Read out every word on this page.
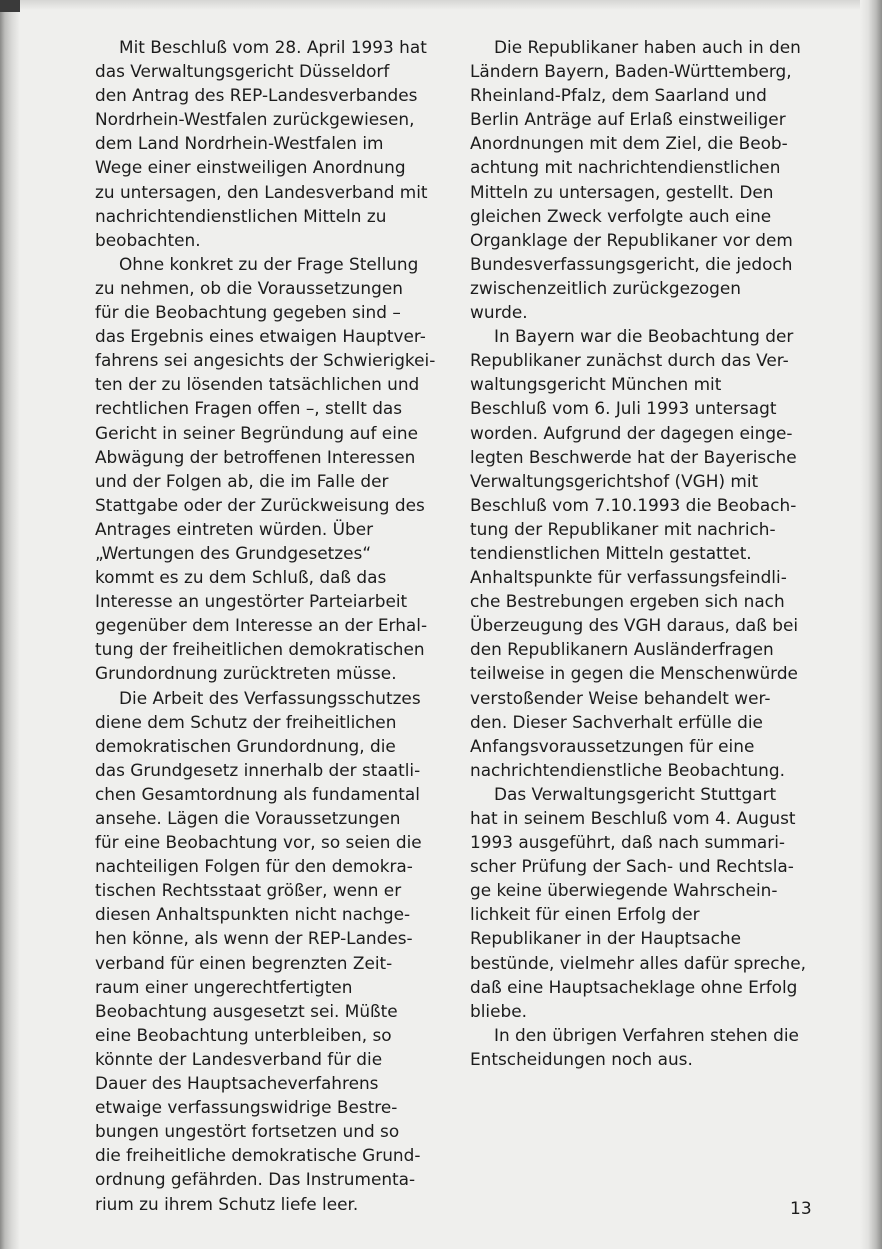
Mit Beschluß vom 28. April 1993 hat
das Verwaltungsgericht Düsseldorf
den Antrag des REP-Landesverbandes
Nordrhein-Westfalen zurückgewiesen,
dem Land Nordrhein-Westfalen im
Wege einer einstweiligen Anordnung
zu untersagen, den Landesverband mit
nachrichtendienstlichen Mitteln zu
beobachten.

Ohne konkret zu der Frage Stellung
zu nehmen, ob die Voraussetzungen
für die Beobachtung gegeben sind –
das Ergebnis eines etwaigen Hauptver-
fahrens sei angesichts der Schwierigkei-
ten der zu lösenden tatsächlichen und
rechtlichen Fragen offen –, stellt das
Gericht in seiner Begründung auf eine
Abwägung der betroffenen Interessen
und der Folgen ab, die im Falle der
Stattgabe oder der Zurückweisung des
Antrages eintreten würden. Über
„Wertungen des Grundgesetzes“
kommt es zu dem Schluß, daß das
Interesse an ungestörter Parteiarbeit
gegenüber dem Interesse an der Erhal-
tung der freiheitlichen demokratischen
Grundordnung zurücktreten müsse.

Die Arbeit des Verfassungsschutzes
diene dem Schutz der freiheitlichen
demokratischen Grundordnung, die
das Grundgesetz innerhalb der staatli-
chen Gesamtordnung als fundamental
ansehe. Lägen die Voraussetzungen
für eine Beobachtung vor, so seien die
nachteiligen Folgen für den demokra-
tischen Rechtsstaat größer, wenn er
diesen Anhaltspunkten nicht nachge-
hen könne, als wenn der REP-Landes-
verband für einen begrenzten Zeit-
raum einer ungerechtfertigten
Beobachtung ausgesetzt sei. Müßte
eine Beobachtung unterbleiben, so
könnte der Landesverband für die
Dauer des Hauptsacheverfahrens
etwaige verfassungswidrige Bestre-
bungen ungestört fortsetzen und so
die freiheitliche demokratische Grund-
ordnung gefährden. Das Instrumenta-
rium zu ihrem Schutz liefe leer.

Die Republikaner haben auch in den
Ländern Bayern, Baden-Württemberg,
Rheinland-Pfalz, dem Saarland und
Berlin Anträge auf Erlaß einstweiliger
Anordnungen mit dem Ziel, die Beob-
achtung mit nachrichtendienstlichen
Mitteln zu untersagen, gestellt. Den
gleichen Zweck verfolgte auch eine
Organklage der Republikaner vor dem
Bundesverfassungsgericht, die jedoch
zwischenzeitlich zurückgezogen
wurde.

In Bayern war die Beobachtung der
Republikaner zunächst durch das Ver-
waltungsgericht München mit
Beschluß vom 6. Juli 1993 untersagt
worden. Aufgrund der dagegen einge-
legten Beschwerde hat der Bayerische
Verwaltungsgerichtshof (VGH) mit
Beschluß vom 7.10.1993 die Beobach-
tung der Republikaner mit nachrich-
tendienstlichen Mitteln gestattet.
Anhaltspunkte für verfassungsfeindli-
che Bestrebungen ergeben sich nach
Überzeugung des VGH daraus, daß bei
den Republikanern Ausländerfragen
teilweise in gegen die Menschenwürde
verstoßender Weise behandelt wer-
den. Dieser Sachverhalt erfülle die
Anfangsvoraussetzungen für eine
nachrichtendienstliche Beobachtung.

Das Verwaltungsgericht Stuttgart
hat in seinem Beschluß vom 4. August
1993 ausgeführt, daß nach summari-
scher Prüfung der Sach- und Rechtsla-
ge keine überwiegende Wahrschein-
lichkeit für einen Erfolg der
Republikaner in der Hauptsache
bestünde, vielmehr alles dafür spreche,
daß eine Hauptsacheklage ohne Erfolg
bliebe.

In den übrigen Verfahren stehen die
Entscheidungen noch aus.

13
